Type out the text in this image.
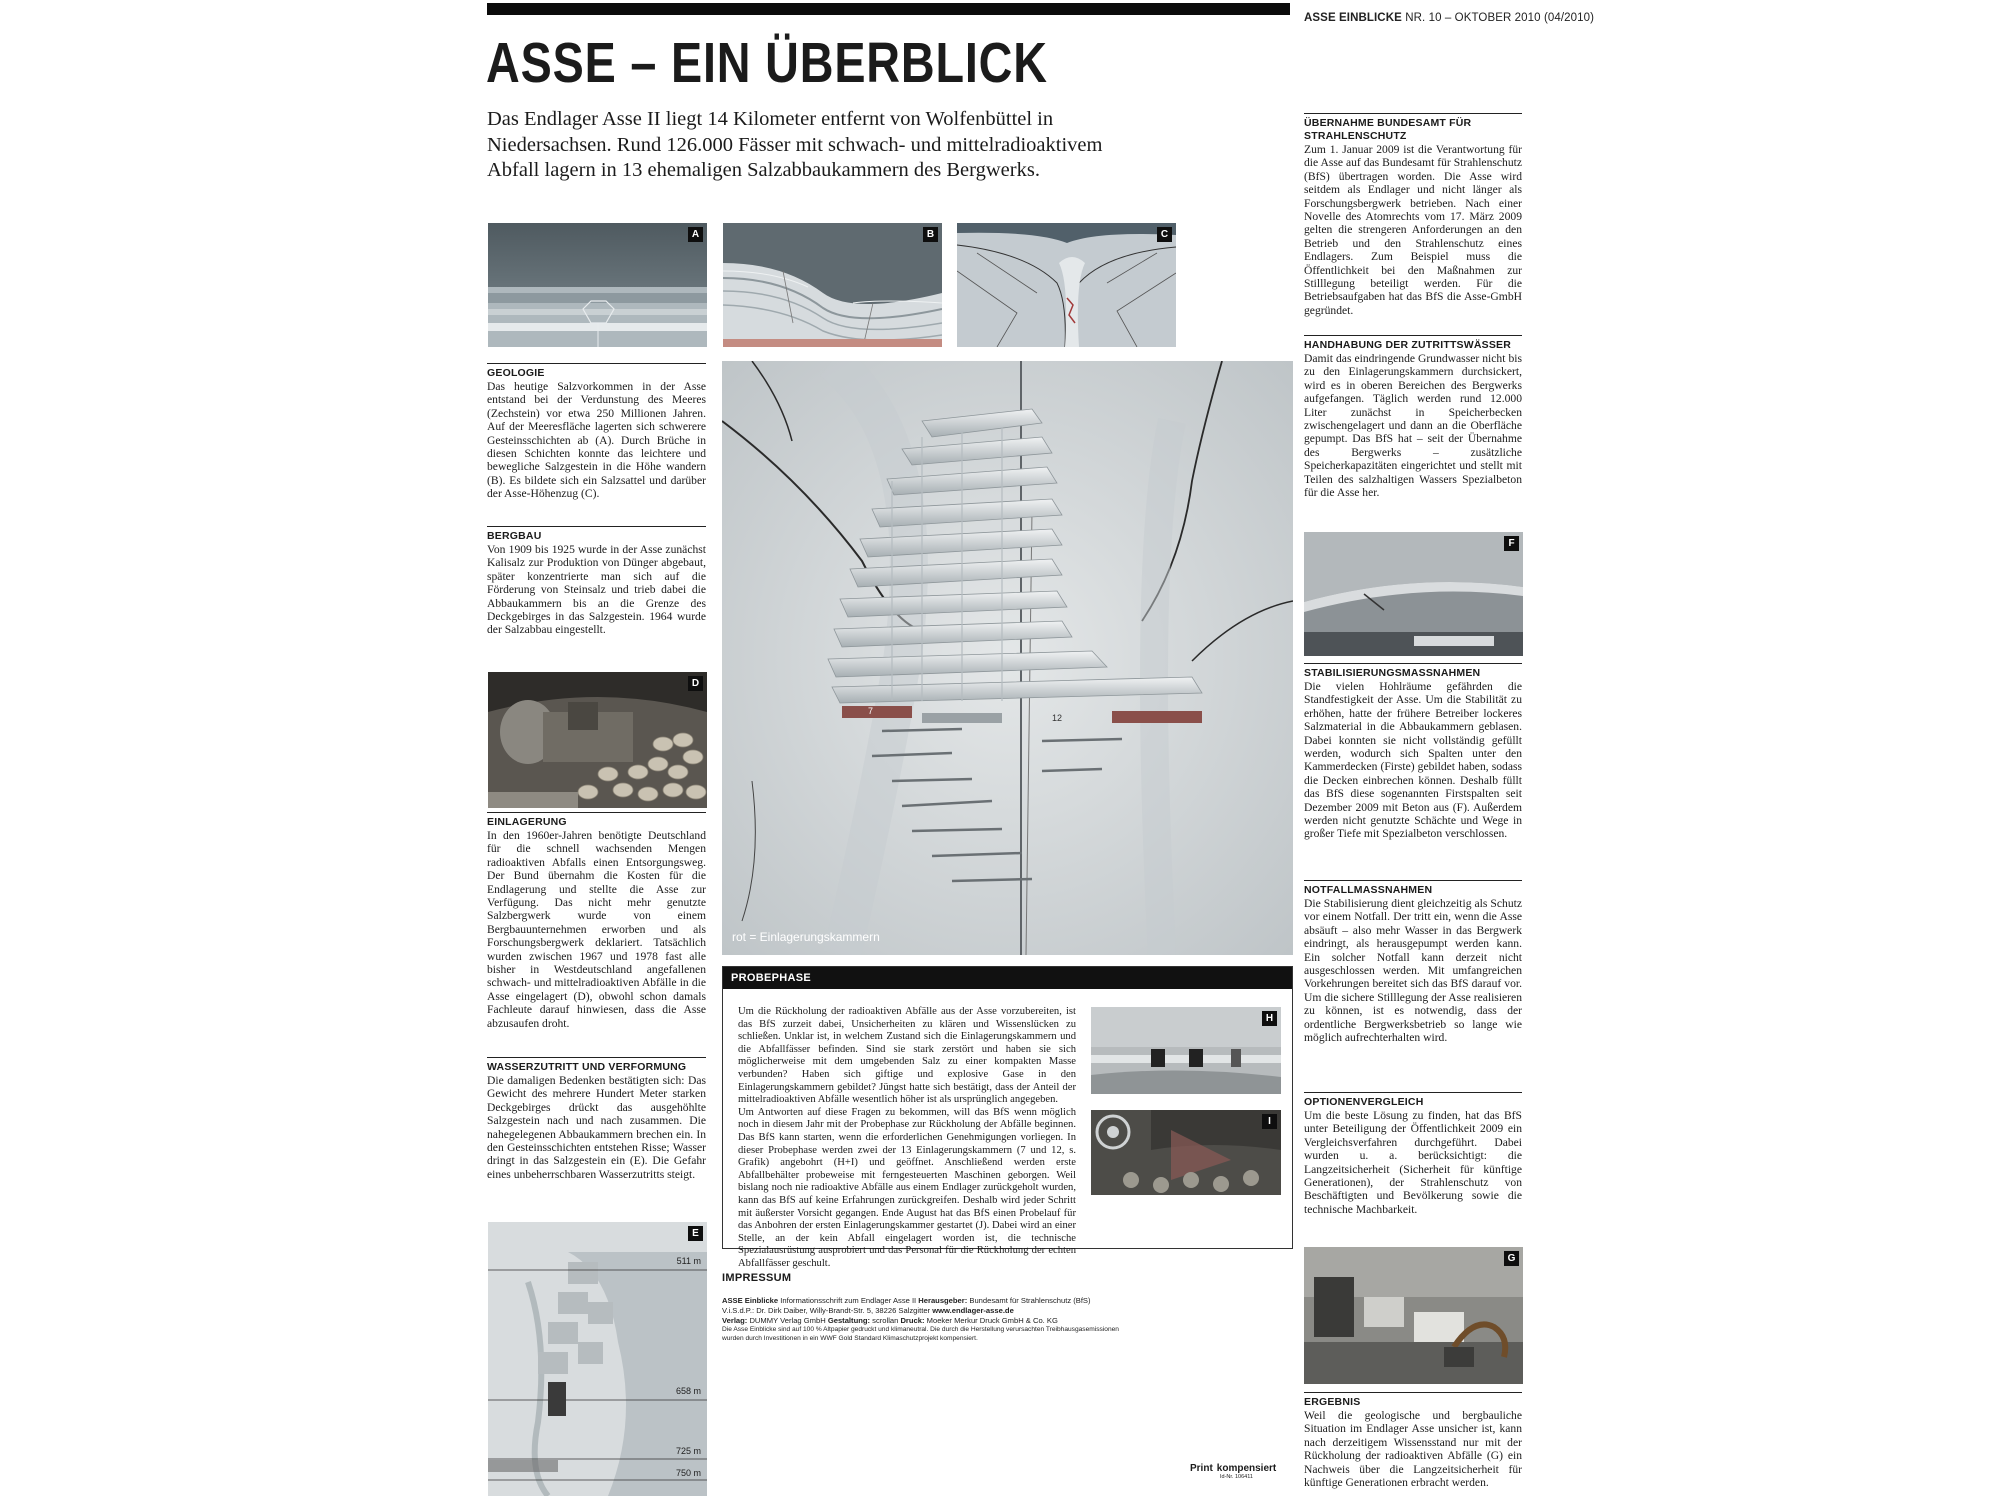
ASSE EINBLICKE NR. 10 – OKTOBER 2010 (04/2010)
ASSE – EIN ÜBERBLICK
Das Endlager Asse II liegt 14 Kilometer entfernt von Wolfenbüttel in
Niedersachsen. Rund 126.000 Fässer mit schwach- und mittelradioaktivem
Abfall lagern in 13 ehemaligen Salzabbaukammern des Bergwerks.
A	B	C
GEOLOGIE
Das heutige Salzvorkommen in der Asse entstand bei der Verdunstung des Meeres (Zechstein) vor etwa 250 Millionen Jahren. Auf der Meeresfläche lagerten sich schwerere Gesteinsschichten ab (A). Durch Brüche in diesen Schichten konnte das leichtere und bewegliche Salzgestein in die Höhe wandern (B). Es bildete sich ein Salzsattel und darüber der Asse-Höhenzug (C).
BERGBAU
Von 1909 bis 1925 wurde in der Asse zunächst Kalisalz zur Produktion von Dünger abgebaut, später konzentrierte man sich auf die Förderung von Steinsalz und trieb dabei die Abbaukammern bis an die Grenze des Deckgebirges in das Salzgestein. 1964 wurde der Salzabbau eingestellt.
D
EINLAGERUNG
In den 1960er-Jahren benötigte Deutschland für die schnell wachsenden Mengen radioaktiven Abfalls einen Entsorgungsweg. Der Bund übernahm die Kosten für die Endlagerung und stellte die Asse zur Verfügung. Das nicht mehr genutzte Salzbergwerk wurde von einem Bergbauunternehmen erworben und als Forschungsbergwerk deklariert. Tatsächlich wurden zwischen 1967 und 1978 fast alle bisher in Westdeutschland angefallenen schwach- und mittelradioaktiven Abfälle in die Asse eingelagert (D), obwohl schon damals Fachleute darauf hinwiesen, dass die Asse abzusaufen droht.
WASSERZUTRITT UND VERFORMUNG
Die damaligen Bedenken bestätigten sich: Das Gewicht des mehrere Hundert Meter starken Deckgebirges drückt das ausgehöhlte Salzgestein nach und nach zusammen. Die nahegelegenen Abbaukammern brechen ein. In den Gesteinsschichten entstehen Risse; Wasser dringt in das Salzgestein ein (E). Die Gefahr eines unbeherrschbaren Wasserzutritts steigt.
E
511 m
658 m
725 m
750 m
7
12
rot = Einlagerungskammern
PROBEPHASE
Um die Rückholung der radioaktiven Abfälle aus der Asse vorzubereiten, ist das BfS zurzeit dabei, Unsicherheiten zu klären und Wissenslücken zu schließen. Unklar ist, in welchem Zustand sich die Einlagerungskammern und die Abfallfässer befinden. Sind sie stark zerstört und haben sie sich möglicherweise mit dem umgebenden Salz zu einer kompakten Masse verbunden? Haben sich giftige und explosive Gase in den Einlagerungskammern gebildet? Jüngst hatte sich bestätigt, dass der Anteil der mittelradioaktiven Abfälle wesentlich höher ist als ursprünglich angegeben.
Um Antworten auf diese Fragen zu bekommen, will das BfS wenn möglich noch in diesem Jahr mit der Probephase zur Rückholung der Abfälle beginnen. Das BfS kann starten, wenn die erforderlichen Genehmigungen vorliegen. In dieser Probephase werden zwei der 13 Einlagerungskammern (7 und 12, s. Grafik) angebohrt (H+I) und geöffnet. Anschließend werden erste Abfallbehälter probeweise mit ferngesteuerten Maschinen geborgen. Weil bislang noch nie radioaktive Abfälle aus einem Endlager zurückgeholt wurden, kann das BfS auf keine Erfahrungen zurückgreifen. Deshalb wird jeder Schritt mit äußerster Vorsicht gegangen. Ende August hat das BfS einen Probelauf für das Anbohren der ersten Einlagerungskammer gestartet (J). Dabei wird an einer Stelle, an der kein Abfall eingelagert worden ist, die technische Spezialausrüstung ausprobiert und das Personal für die Rückholung der echten Abfallfässer geschult.
H
I
IMPRESSUM
ASSE Einblicke Informationsschrift zum Endlager Asse II Herausgeber: Bundesamt für Strahlenschutz (BfS)
V.i.S.d.P.: Dr. Dirk Daiber, Willy-Brandt-Str. 5, 38226 Salzgitter www.endlager-asse.de
Verlag: DUMMY Verlag GmbH Gestaltung: scrollan Druck: Moeker Merkur Druck GmbH & Co. KG
Die Asse Einblicke sind auf 100 % Altpapier gedruckt und klimaneutral. Die durch die Herstellung verursachten Treibhausgasemissionen
wurden durch Investitionen in ein WWF Gold Standard Klimaschutzprojekt kompensiert.
Print kompensiert
Id-Nr. 106411
ÜBERNAHME BUNDESAMT FÜR STRAHLENSCHUTZ
Zum 1. Januar 2009 ist die Verantwortung für die Asse auf das Bundesamt für Strahlenschutz (BfS) übertragen worden. Die Asse wird seitdem als Endlager und nicht länger als Forschungsbergwerk betrieben. Nach einer Novelle des Atomrechts vom 17. März 2009 gelten die strengeren Anforderungen an den Betrieb und den Strahlenschutz eines Endlagers. Zum Beispiel muss die Öffentlichkeit bei den Maßnahmen zur Stilllegung beteiligt werden. Für die Betriebsaufgaben hat das BfS die Asse-GmbH gegründet.
HANDHABUNG DER ZUTRITTSWÄSSER
Damit das eindringende Grundwasser nicht bis zu den Einlagerungskammern durchsickert, wird es in oberen Bereichen des Bergwerks aufgefangen. Täglich werden rund 12.000 Liter zunächst in Speicherbecken zwischengelagert und dann an die Oberfläche gepumpt. Das BfS hat – seit der Übernahme des Bergwerks – zusätzliche Speicherkapazitäten eingerichtet und stellt mit Teilen des salzhaltigen Wassers Spezialbeton für die Asse her.
F
STABILISIERUNGSMASSNAHMEN
Die vielen Hohlräume gefährden die Standfestigkeit der Asse. Um die Stabilität zu erhöhen, hatte der frühere Betreiber lockeres Salzmaterial in die Abbaukammern geblasen. Dabei konnten sie nicht vollständig gefüllt werden, wodurch sich Spalten unter den Kammerdecken (Firste) gebildet haben, sodass die Decken einbrechen können. Deshalb füllt das BfS diese sogenannten Firstspalten seit Dezember 2009 mit Beton aus (F). Außerdem werden nicht genutzte Schächte und Wege in großer Tiefe mit Spezialbeton verschlossen.
NOTFALLMASSNAHMEN
Die Stabilisierung dient gleichzeitig als Schutz vor einem Notfall. Der tritt ein, wenn die Asse absäuft – also mehr Wasser in das Bergwerk eindringt, als herausgepumpt werden kann. Ein solcher Notfall kann derzeit nicht ausgeschlossen werden. Mit umfangreichen Vorkehrungen bereitet sich das BfS darauf vor. Um die sichere Stilllegung der Asse realisieren zu können, ist es notwendig, dass der ordentliche Bergwerksbetrieb so lange wie möglich aufrechterhalten wird.
OPTIONENVERGLEICH
Um die beste Lösung zu finden, hat das BfS unter Beteiligung der Öffentlichkeit 2009 ein Vergleichsverfahren durchgeführt. Dabei wurden u. a. berücksichtigt: die Langzeitsicherheit (Sicherheit für künftige Generationen), der Strahlenschutz von Beschäftigten und Bevölkerung sowie die technische Machbarkeit.
G
ERGEBNIS
Weil die geologische und bergbauliche Situation im Endlager Asse unsicher ist, kann nach derzeitigem Wissensstand nur mit der Rückholung der radioaktiven Abfälle (G) ein Nachweis über die Langzeitsicherheit für künftige Generationen erbracht werden.
